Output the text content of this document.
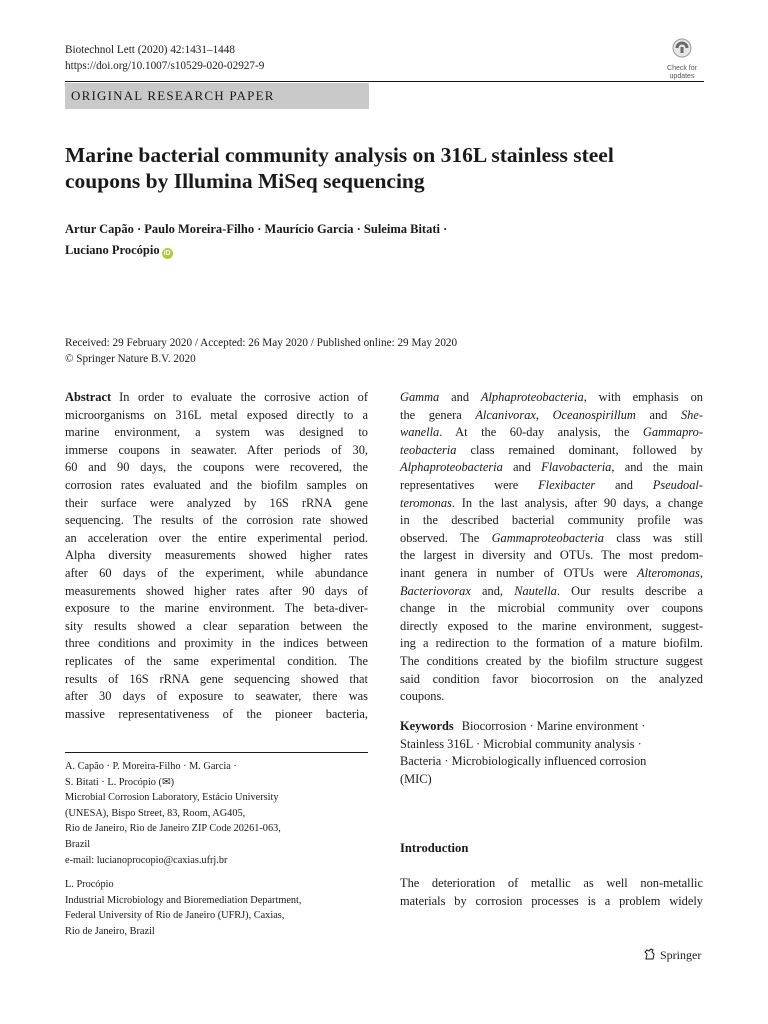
Biotechnol Lett (2020) 42:1431–1448
https://doi.org/10.1007/s10529-020-02927-9	Check for
updates
ORIGINAL RESEARCH PAPER
Marine bacterial community analysis on 316L stainless steel coupons by Illumina MiSeq sequencing
Artur Capão · Paulo Moreira-Filho · Maurício Garcia · Suleima Bitati ·
Luciano Procópio iD
Received: 29 February 2020 / Accepted: 26 May 2020 / Published online: 29 May 2020
© Springer Nature B.V. 2020
Abstract In order to evaluate the corrosive action of
microorganisms on 316L metal exposed directly to a
marine environment, a system was designed to
immerse coupons in seawater. After periods of 30,
60 and 90 days, the coupons were recovered, the
corrosion rates evaluated and the biofilm samples on
their surface were analyzed by 16S rRNA gene
sequencing. The results of the corrosion rate showed
an acceleration over the entire experimental period.
Alpha diversity measurements showed higher rates
after 60 days of the experiment, while abundance
measurements showed higher rates after 90 days of
exposure to the marine environment. The beta-diver-
sity results showed a clear separation between the
three conditions and proximity in the indices between
replicates of the same experimental condition. The
results of 16S rRNA gene sequencing showed that
after 30 days of exposure to seawater, there was
massive representativeness of the pioneer bacteria,
Gamma and Alphaproteobacteria, with emphasis on
the genera Alcanivorax, Oceanospirillum and She-
wanella. At the 60-day analysis, the Gammapro-
teobacteria class remained dominant, followed by
Alphaproteobacteria and Flavobacteria, and the main
representatives were Flexibacter and Pseudoal-
teromonas. In the last analysis, after 90 days, a change
in the described bacterial community profile was
observed. The Gammaproteobacteria class was still
the largest in diversity and OTUs. The most predom-
inant genera in number of OTUs were Alteromonas,
Bacteriovorax and, Nautella. Our results describe a
change in the microbial community over coupons
directly exposed to the marine environment, suggest-
ing a redirection to the formation of a mature biofilm.
The conditions created by the biofilm structure suggest
said condition favor biocorrosion on the analyzed
coupons.
Keywords Biocorrosion · Marine environment ·
Stainless 316L · Microbial community analysis ·
Bacteria · Microbiologically influenced corrosion
(MIC)
A. Capão · P. Moreira-Filho · M. Garcia ·
S. Bitati · L. Procópio (✉)
Microbial Corrosion Laboratory, Estácio University
(UNESA), Bispo Street, 83, Room, AG405,
Rio de Janeiro, Rio de Janeiro ZIP Code 20261-063,
Brazil
e-mail: lucianoprocopio@caxias.ufrj.br
L. Procópio
Industrial Microbiology and Bioremediation Department,
Federal University of Rio de Janeiro (UFRJ), Caxias,
Rio de Janeiro, Brazil
Introduction
The deterioration of metallic as well non-metallic
materials by corrosion processes is a problem widely
Springer
